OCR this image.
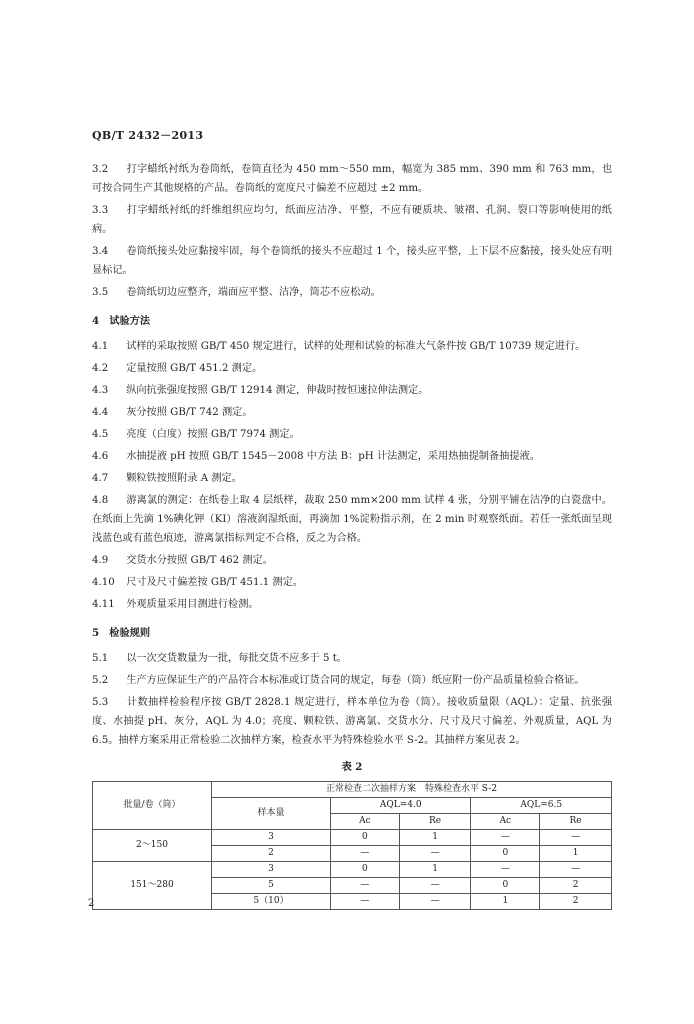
QB/T 2432－2013
3.2　 打字蜡纸衬纸为卷筒纸，卷筒直径为 450 mm～550 mm，幅宽为 385 mm、390 mm 和 763 mm，也可按合同生产其他规格的产品。卷筒纸的宽度尺寸偏差不应超过 ±2 mm。
3.3　 打字蜡纸衬纸的纤维组织应均匀，纸面应洁净、平整，不应有硬质块、皱褶、孔洞、裂口等影响使用的纸病。
3.4　 卷筒纸接头处应黏接牢固，每个卷筒纸的接头不应超过 1 个，接头应平整，上下层不应黏接，接头处应有明显标记。
3.5　 卷筒纸切边应整齐，端面应平整、洁净，筒芯不应松动。
4　试验方法
4.1　 试样的采取按照 GB/T 450 规定进行，试样的处理和试验的标准大气条件按 GB/T 10739 规定进行。
4.2　 定量按照 GB/T 451.2 测定。
4.3　 纵向抗张强度按照 GB/T 12914 测定，伸裁时按恒速拉伸法测定。
4.4　 灰分按照 GB/T 742 测定。
4.5　 亮度（白度）按照 GB/T 7974 测定。
4.6　 水抽提液 pH 按照 GB/T 1545－2008 中方法 B：pH 计法测定，采用热抽提制备抽提液。
4.7　 颗粒铁按照附录 A 测定。
4.8　 游离氯的测定：在纸卷上取 4 层纸样，裁取 250 mm×200 mm 试样 4 张，分别平铺在洁净的白瓷盘中。在纸面上先滴 1%碘化钾（KI）溶液润湿纸面，再滴加 1%淀粉指示剂，在 2 min 时观察纸面。若任一张纸面呈现浅蓝色或有蓝色痕迹，游离氯指标判定不合格，反之为合格。
4.9　 交货水分按照 GB/T 462 测定。
4.10　 尺寸及尺寸偏差按 GB/T 451.1 测定。
4.11　 外观质量采用目测进行检测。
5　检验规则
5.1　 以一次交货数量为一批，每批交货不应多于 5 t。
5.2　 生产方应保证生产的产品符合本标准或订货合同的规定，每卷（筒）纸应附一份产品质量检验合格证。
5.3　 计数抽样检验程序按 GB/T 2828.1 规定进行，样本单位为卷（筒）。接收质量限（AQL）：定量、抗张强度、水抽提 pH、灰分，AQL 为 4.0；亮度、颗粒铁、游离氯、交货水分、尺寸及尺寸偏差、外观质量，AQL 为 6.5。抽样方案采用正常检验二次抽样方案，检查水平为特殊检验水平 S-2。其抽样方案见表 2。
表 2
批量/卷（筒）	正常检查二次抽样方案　特殊检查水平 S-2				
	样本量	AQL=4.0		AQL=6.5	
		Ac	Re	Ac	Re
2～150	3	0	1	—	—
	2	—	—	0	1
151～280	3	0	1	—	—
	5	—	—	0	2
	5（10）	—	—	1	2
2
